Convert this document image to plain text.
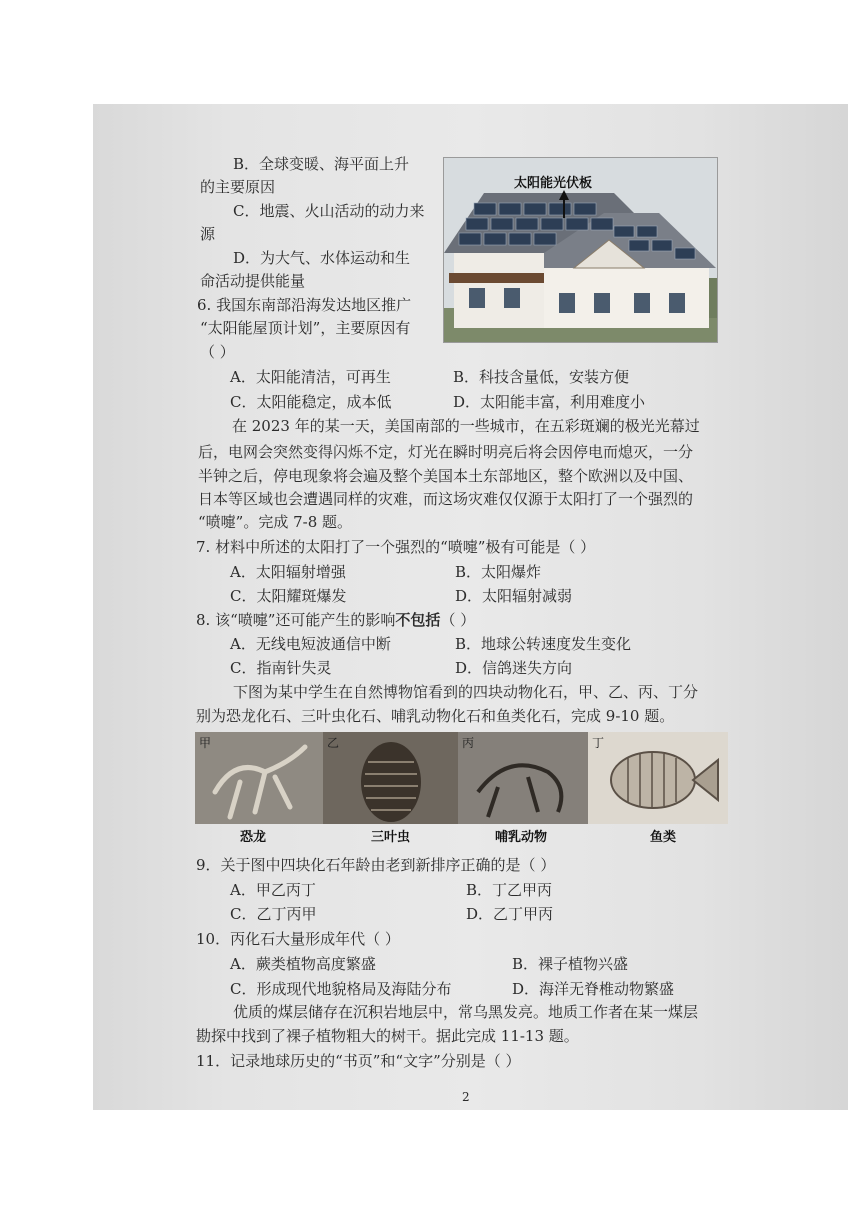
B．全球变暖、海平面上升
的主要原因
C．地震、火山活动的动力来
源
D．为大气、水体运动和生
命活动提供能量
太阳能光伏板
6. 我国东南部沿海发达地区推广
“太阳能屋顶计划”，主要原因有
（ ）
A．太阳能清洁，可再生	B．科技含量低，安装方便
C．太阳能稳定，成本低	D．太阳能丰富，利用难度小
在 2023 年的某一天，美国南部的一些城市，在五彩斑斓的极光光幕过
后，电网会突然变得闪烁不定，灯光在瞬时明亮后将会因停电而熄灭，一分
半钟之后，停电现象将会遍及整个美国本土东部地区，整个欧洲以及中国、
日本等区域也会遭遇同样的灾难，而这场灾难仅仅源于太阳打了一个强烈的
“喷嚏”。完成 7-8 题。
7. 材料中所述的太阳打了一个强烈的“喷嚏”极有可能是（ ）
A．太阳辐射增强	B．太阳爆炸
C．太阳耀斑爆发	D．太阳辐射减弱
8. 该“喷嚏”还可能产生的影响不包括（ ）
A．无线电短波通信中断	B．地球公转速度发生变化
C．指南针失灵	D．信鸽迷失方向
下图为某中学生在自然博物馆看到的四块动物化石，甲、乙、丙、丁分
别为恐龙化石、三叶虫化石、哺乳动物化石和鱼类化石，完成 9-10 题。
甲	乙	丙	丁
恐龙	三叶虫	哺乳动物	鱼类
9．关于图中四块化石年龄由老到新排序正确的是（ ）
A．甲乙丙丁	B．丁乙甲丙
C．乙丁丙甲	D．乙丁甲丙
10．丙化石大量形成年代（ ）
A．蕨类植物高度繁盛	B．裸子植物兴盛
C．形成现代地貌格局及海陆分布	D．海洋无脊椎动物繁盛
优质的煤层储存在沉积岩地层中，常乌黑发亮。地质工作者在某一煤层
勘探中找到了裸子植物粗大的树干。据此完成 11-13 题。
11．记录地球历史的“书页”和“文字”分别是（ ）
2
